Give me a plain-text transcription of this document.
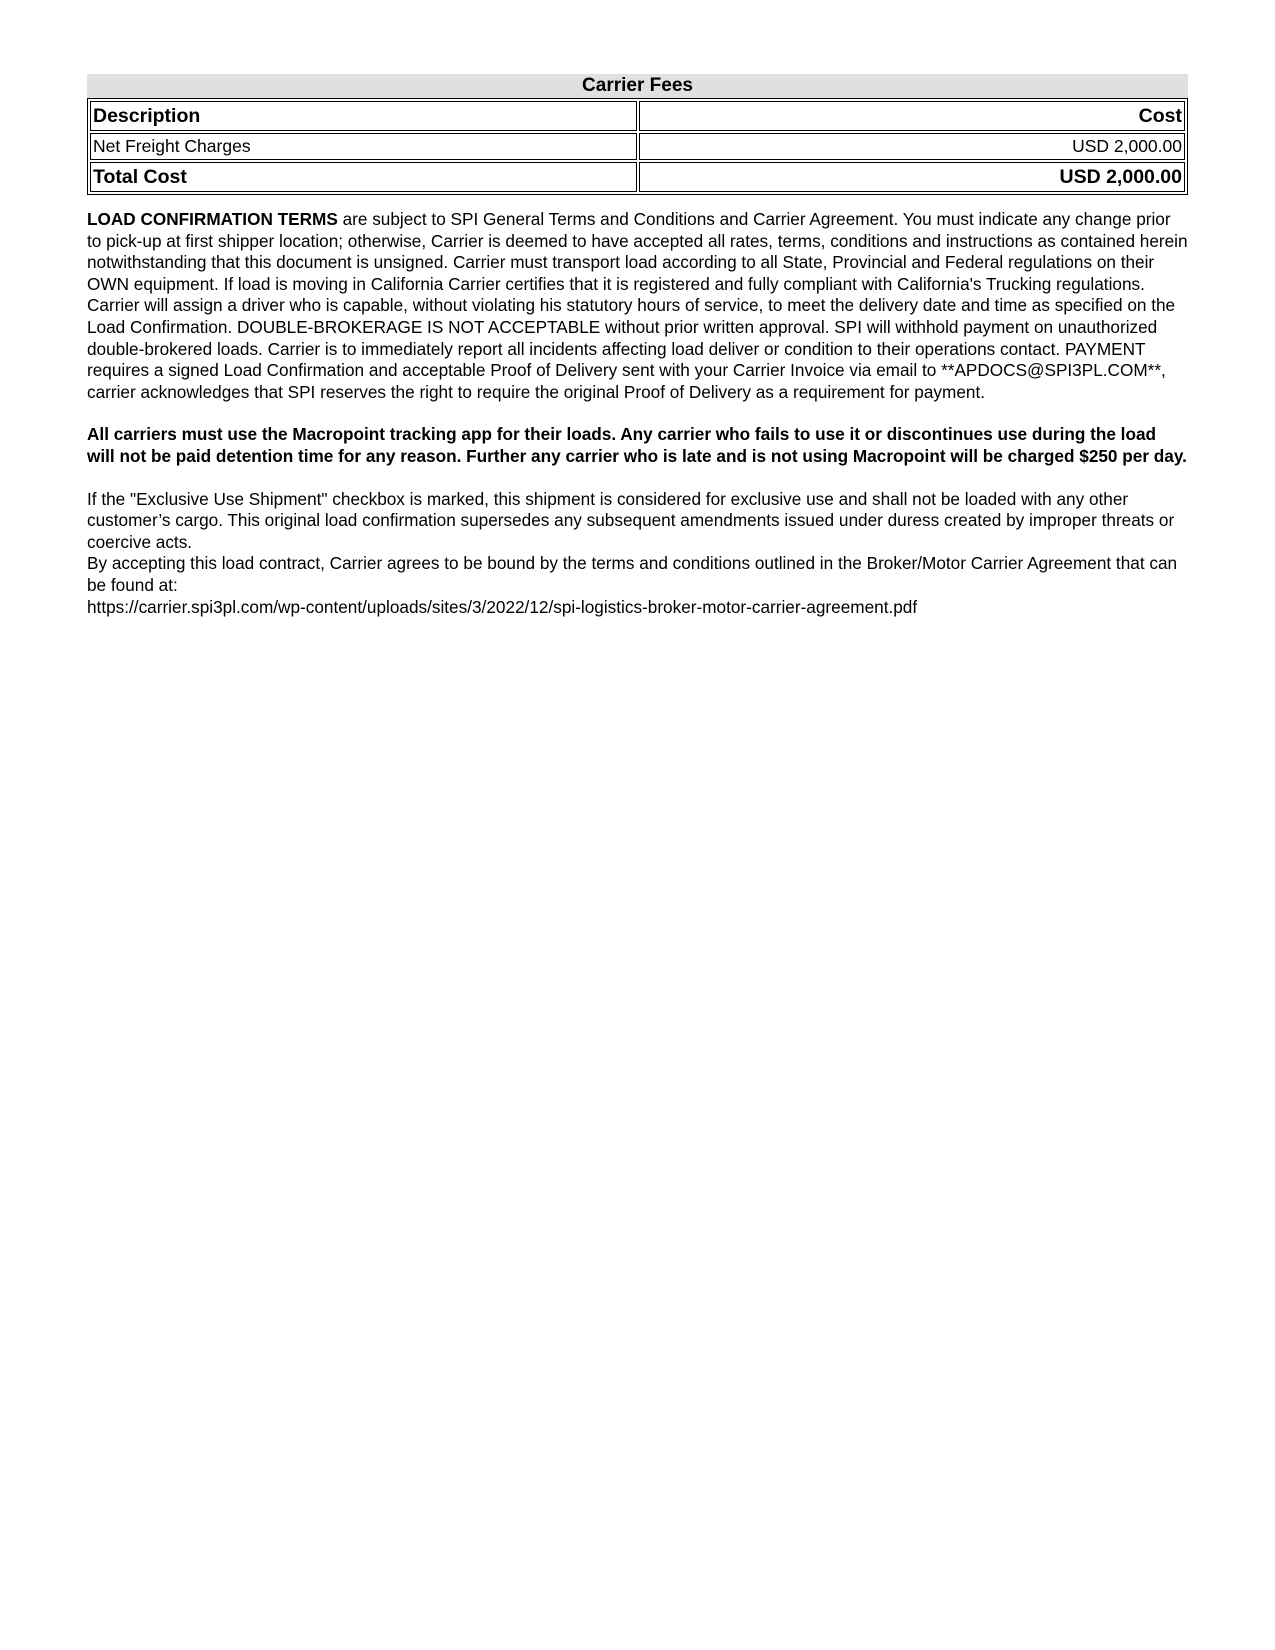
Carrier Fees
Description	Cost
Net Freight Charges	USD 2,000.00
Total Cost	USD 2,000.00
LOAD CONFIRMATION TERMS are subject to SPI General Terms and Conditions and Carrier Agreement. You must indicate any change prior to pick-up at first shipper location; otherwise, Carrier is deemed to have accepted all rates, terms, conditions and instructions as contained herein notwithstanding that this document is unsigned. Carrier must transport load according to all State, Provincial and Federal regulations on their OWN equipment. If load is moving in California Carrier certifies that it is registered and fully compliant with California's Trucking regulations. Carrier will assign a driver who is capable, without violating his statutory hours of service, to meet the delivery date and time as specified on the Load Confirmation. DOUBLE-BROKERAGE IS NOT ACCEPTABLE without prior written approval. SPI will withhold payment on unauthorized double-brokered loads. Carrier is to immediately report all incidents affecting load deliver or condition to their operations contact. PAYMENT requires a signed Load Confirmation and acceptable Proof of Delivery sent with your Carrier Invoice via email to **APDOCS@SPI3PL.COM**, carrier acknowledges that SPI reserves the right to require the original Proof of Delivery as a requirement for payment.
All carriers must use the Macropoint tracking app for their loads. Any carrier who fails to use it or discontinues use during the load will not be paid detention time for any reason. Further any carrier who is late and is not using Macropoint will be charged $250 per day.
If the "Exclusive Use Shipment" checkbox is marked, this shipment is considered for exclusive use and shall not be loaded with any other customer’s cargo. This original load confirmation supersedes any subsequent amendments issued under duress created by improper threats or coercive acts.
By accepting this load contract, Carrier agrees to be bound by the terms and conditions outlined in the Broker/Motor Carrier Agreement that can be found at:
https://carrier.spi3pl.com/wp-content/uploads/sites/3/2022/12/spi-logistics-broker-motor-carrier-agreement.pdf
